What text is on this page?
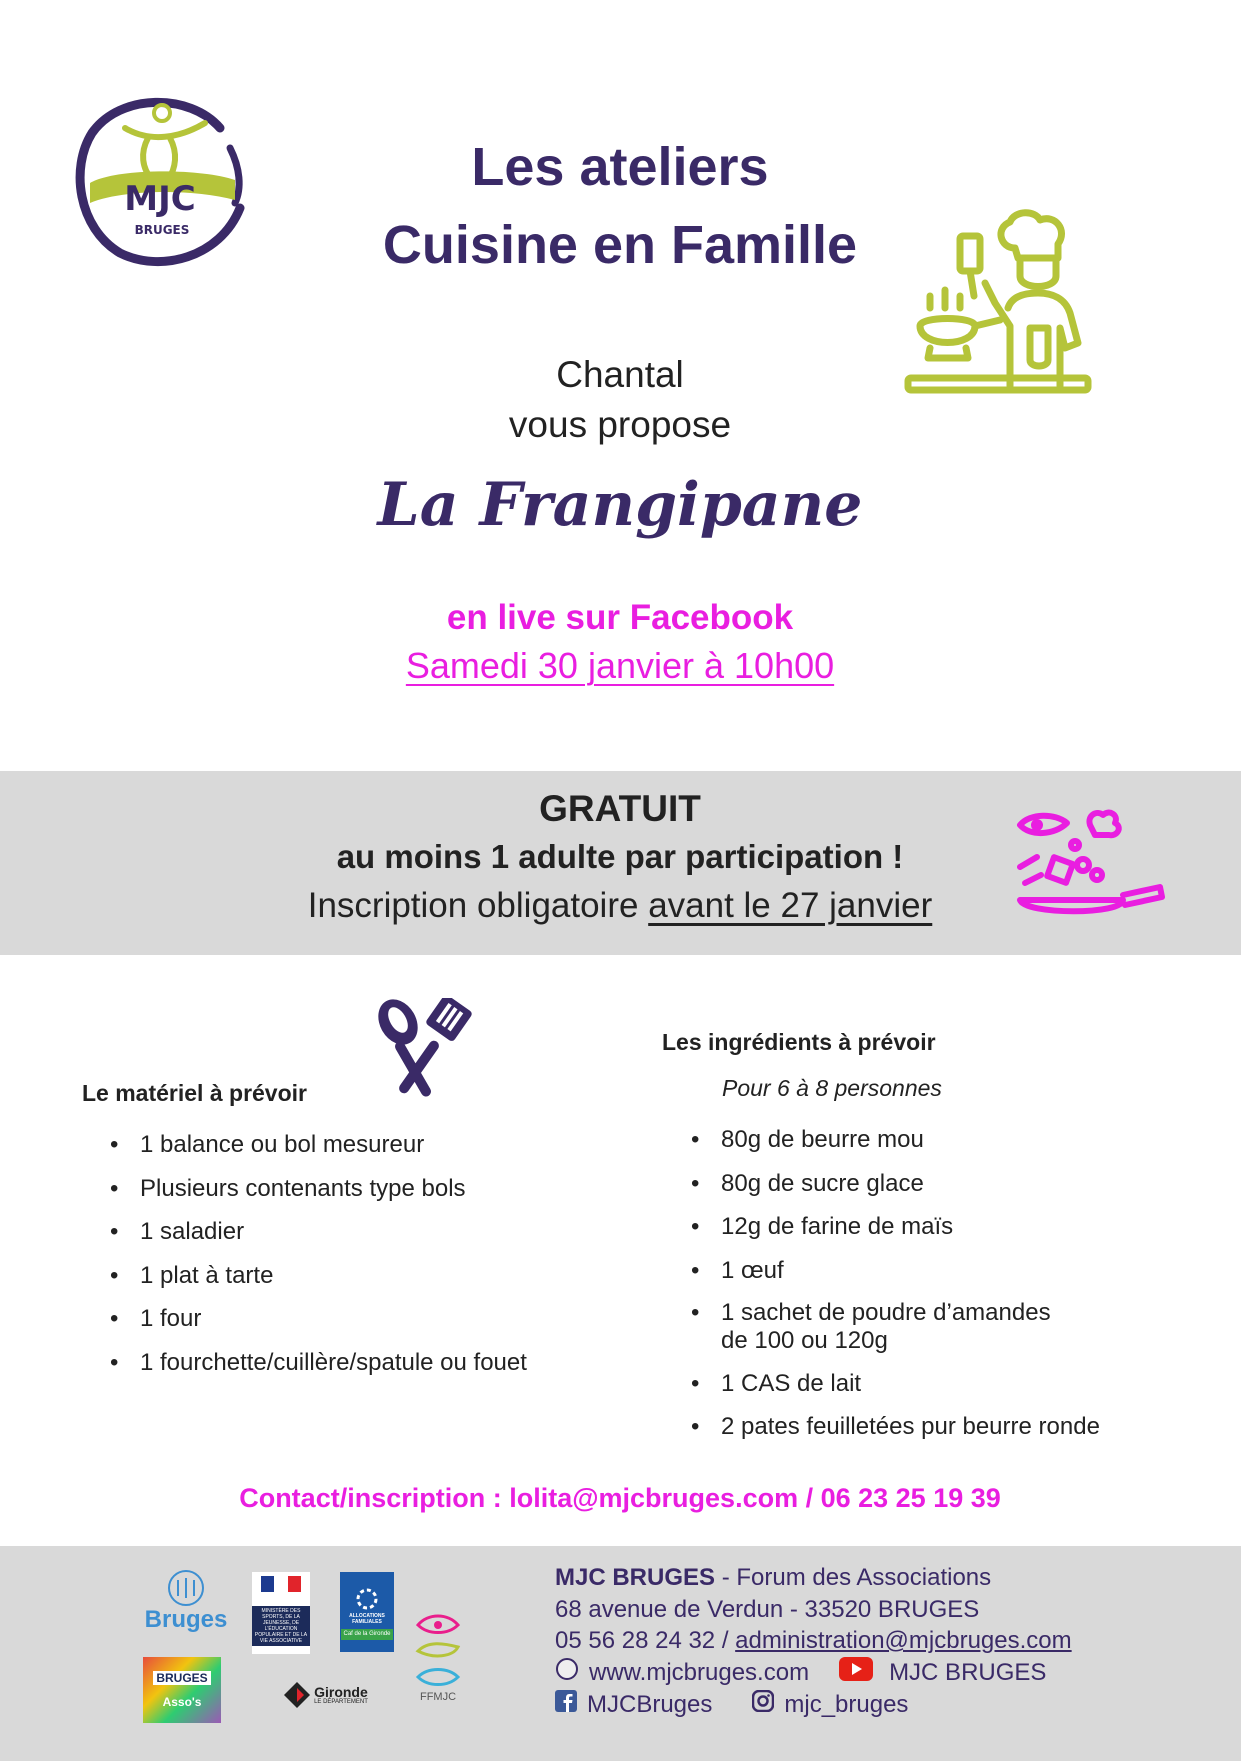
MJC
BRUGES
Les ateliers
Cuisine en Famille
Chantal
vous propose
La Frangipane
en live sur Facebook
Samedi 30 janvier à 10h00
GRATUIT
au moins 1 adulte par participation !
Inscription obligatoire avant le 27 janvier
Le matériel à prévoir
• 1 balance ou bol mesureur
• Plusieurs contenants type bols
• 1 saladier
• 1 plat à tarte
• 1 four
• 1 fourchette/cuillère/spatule ou fouet
Les ingrédients à prévoir
Pour 6 à 8 personnes
• 80g de beurre mou
• 80g de sucre glace
• 12g de farine de maïs
• 1 œuf
• 1 sachet de poudre d’amandes
de 100 ou 120g
• 1 CAS de lait
• 2 pates feuilletées pur beurre ronde
Contact/inscription : lolita@mjcbruges.com / 06 23 25 19 39
Bruges	MINISTÈRE DES SPORTS, DE LA JEUNESSE, DE L'ÉDUCATION POPULAIRE ET DE LA VIE ASSOCIATIVE
ALLOCATIONS FAMILIALES
Caf de la Gironde
FFMJC
BRUGES
Asso's
Gironde
LE DÉPARTEMENT
MJC BRUGES - Forum des Associations
68 avenue de Verdun - 33520 BRUGES
05 56 28 24 32 / administration@mjcbruges.com
www.mjcbruges.com	MJC BRUGES
MJCBruges	mjc_bruges
